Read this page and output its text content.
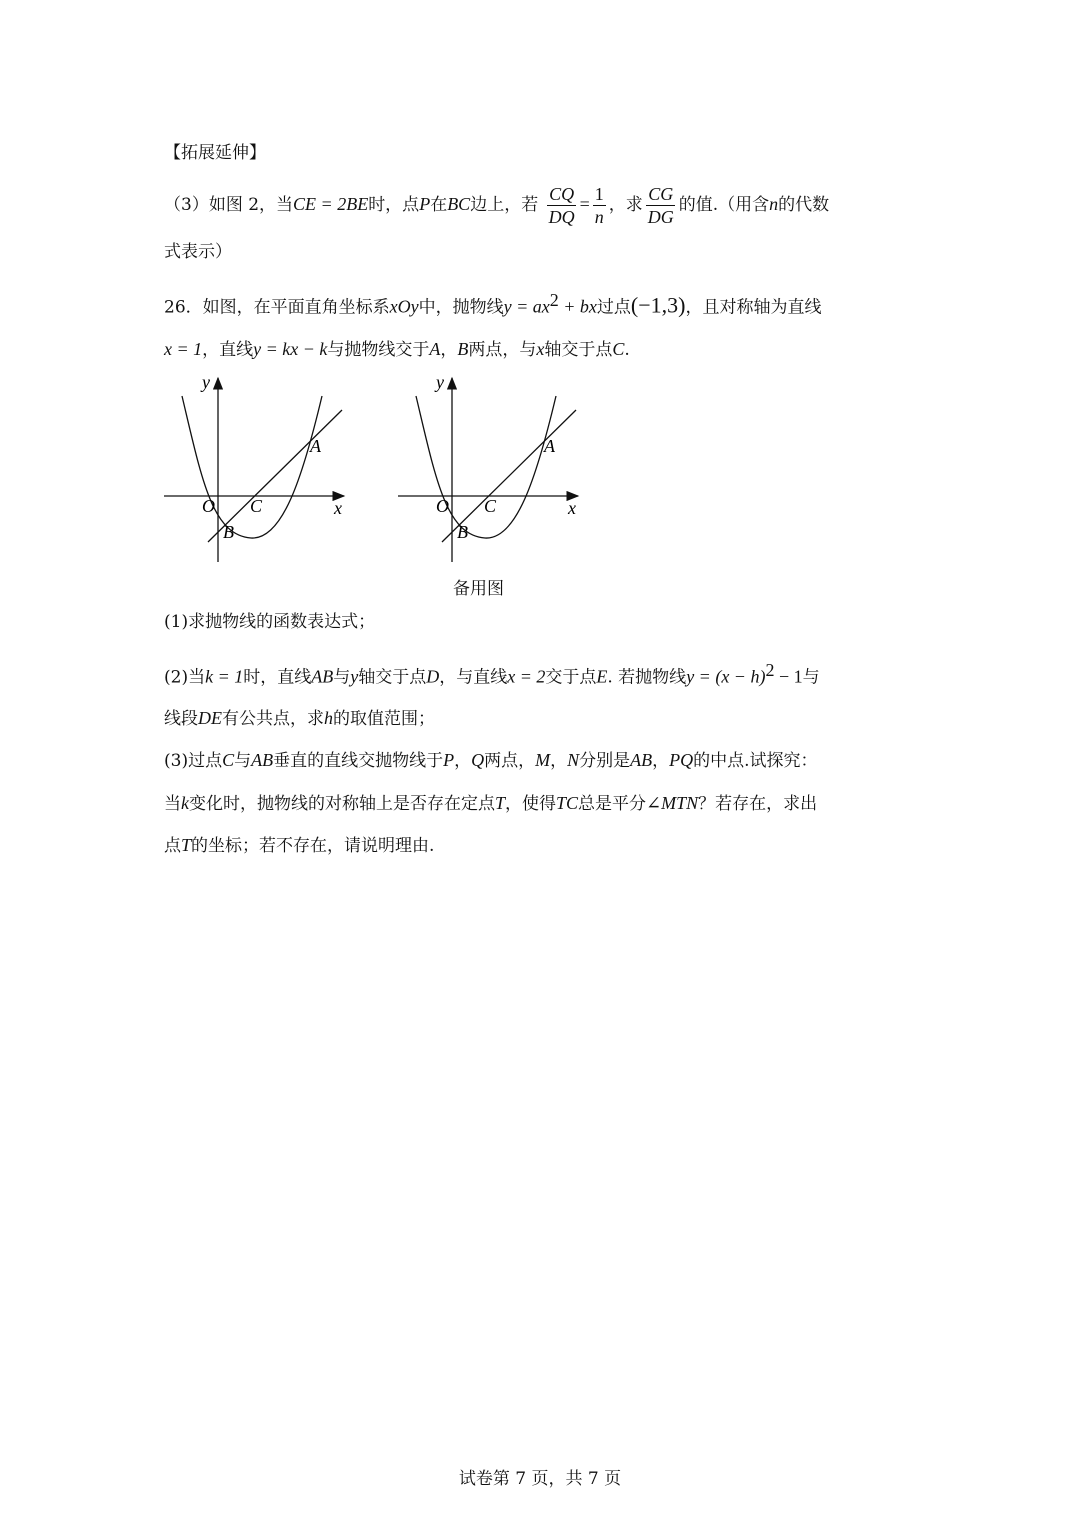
【拓展延伸】
（3）如图 2，当CE = 2BE时，点P在BC边上，若 $\frac{CQ}{DQ} = \frac{1}{n}$ ，求 $\frac{CG}{DG}$ 的值.（用含n的代数
式表示）
26．如图，在平面直角坐标系xOy中，抛物线$y = ax^2$ + bx过点(−1,3)，且对称轴为直线
x = 1，直线y = kx − k与抛物线交于A，B两点，与x轴交于点C.
y
x
O C
A
B
y
x
O C
A
B
备用图
(1)求抛物线的函数表达式；
(2)当k = 1时，直线AB与y轴交于点D，与直线x = 2交于点E. 若抛物线$y = (x - h)^2 - 1$与
线段DE有公共点，求h的取值范围；
(3)过点C与AB垂直的直线交抛物线于P，Q两点，M，N分别是AB，PQ的中点.试探究：
当k变化时，抛物线的对称轴上是否存在定点T，使得TC总是平分∠MTN？若存在，求出
点T的坐标；若不存在，请说明理由.
试卷第 7 页，共 7 页
